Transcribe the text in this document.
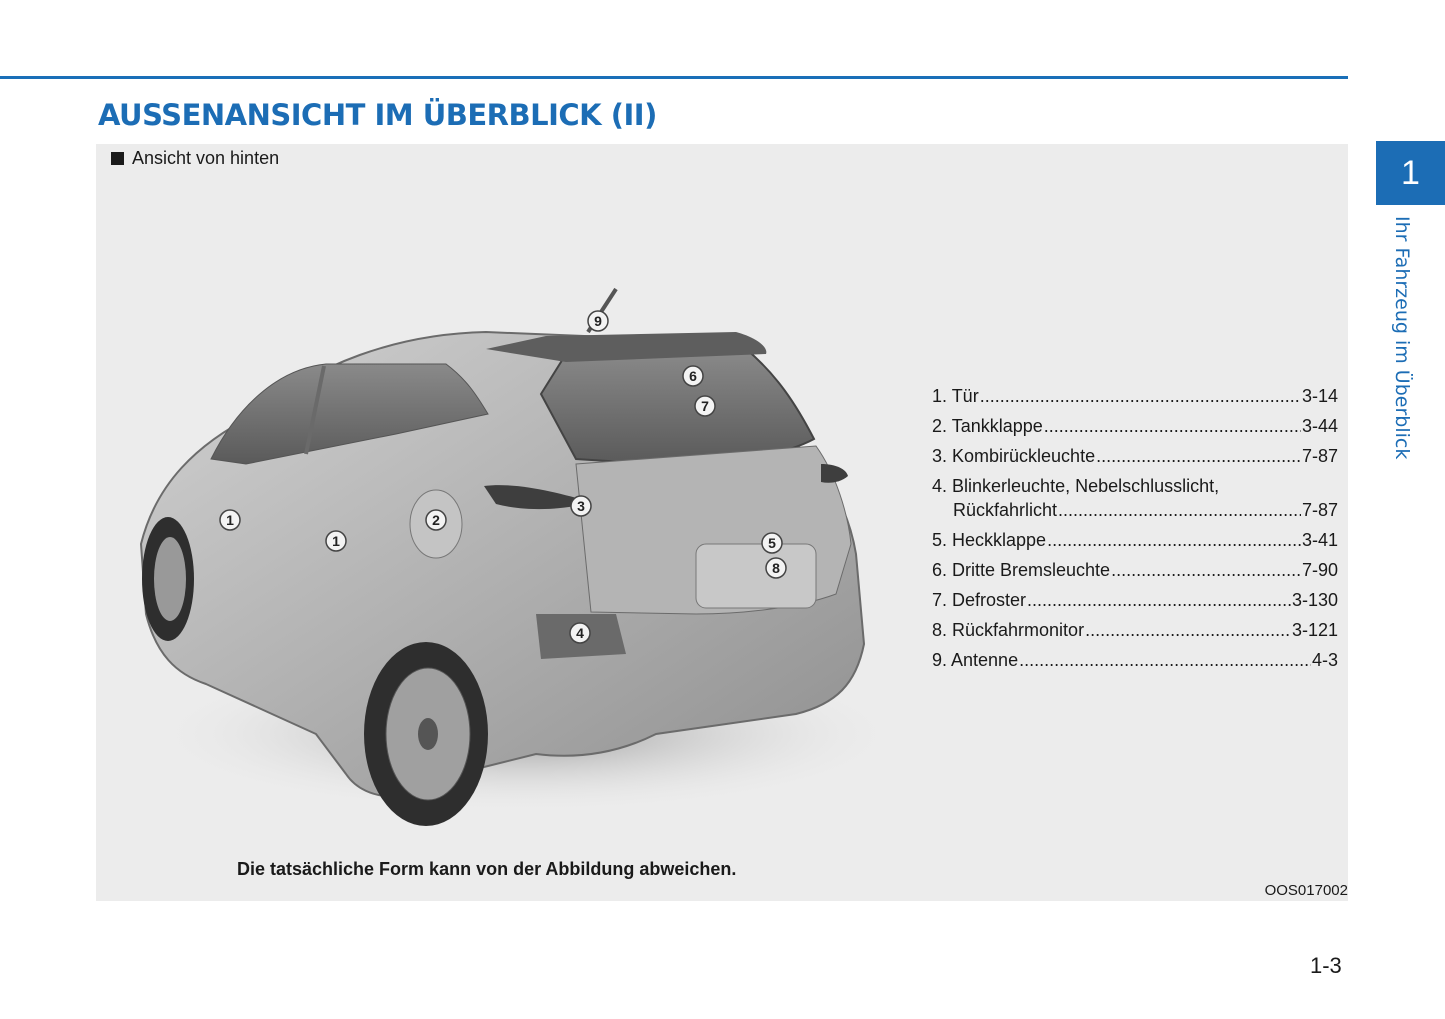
AUSSENANSICHT IM ÜBERBLICK (II)
Ansicht von hinten
1
1
2
3
4
5
6
7
8
9
1. Tür .....	3-14
2. Tankklappe .....	3-44
3. Kombirückleuchte .....	7-87
4. Blinkerleuchte, Nebelschlusslicht,
Rückfahrlicht .....	7-87
5. Heckklappe .....	3-41
6. Dritte Bremsleuchte .....	7-90
7. Defroster .....	3-130
8. Rückfahrmonitor .....	3-121
9. Antenne .....	4-3
Die tatsächliche Form kann von der Abbildung abweichen.
OOS017002
1
Ihr Fahrzeug im Überblick
1-3
